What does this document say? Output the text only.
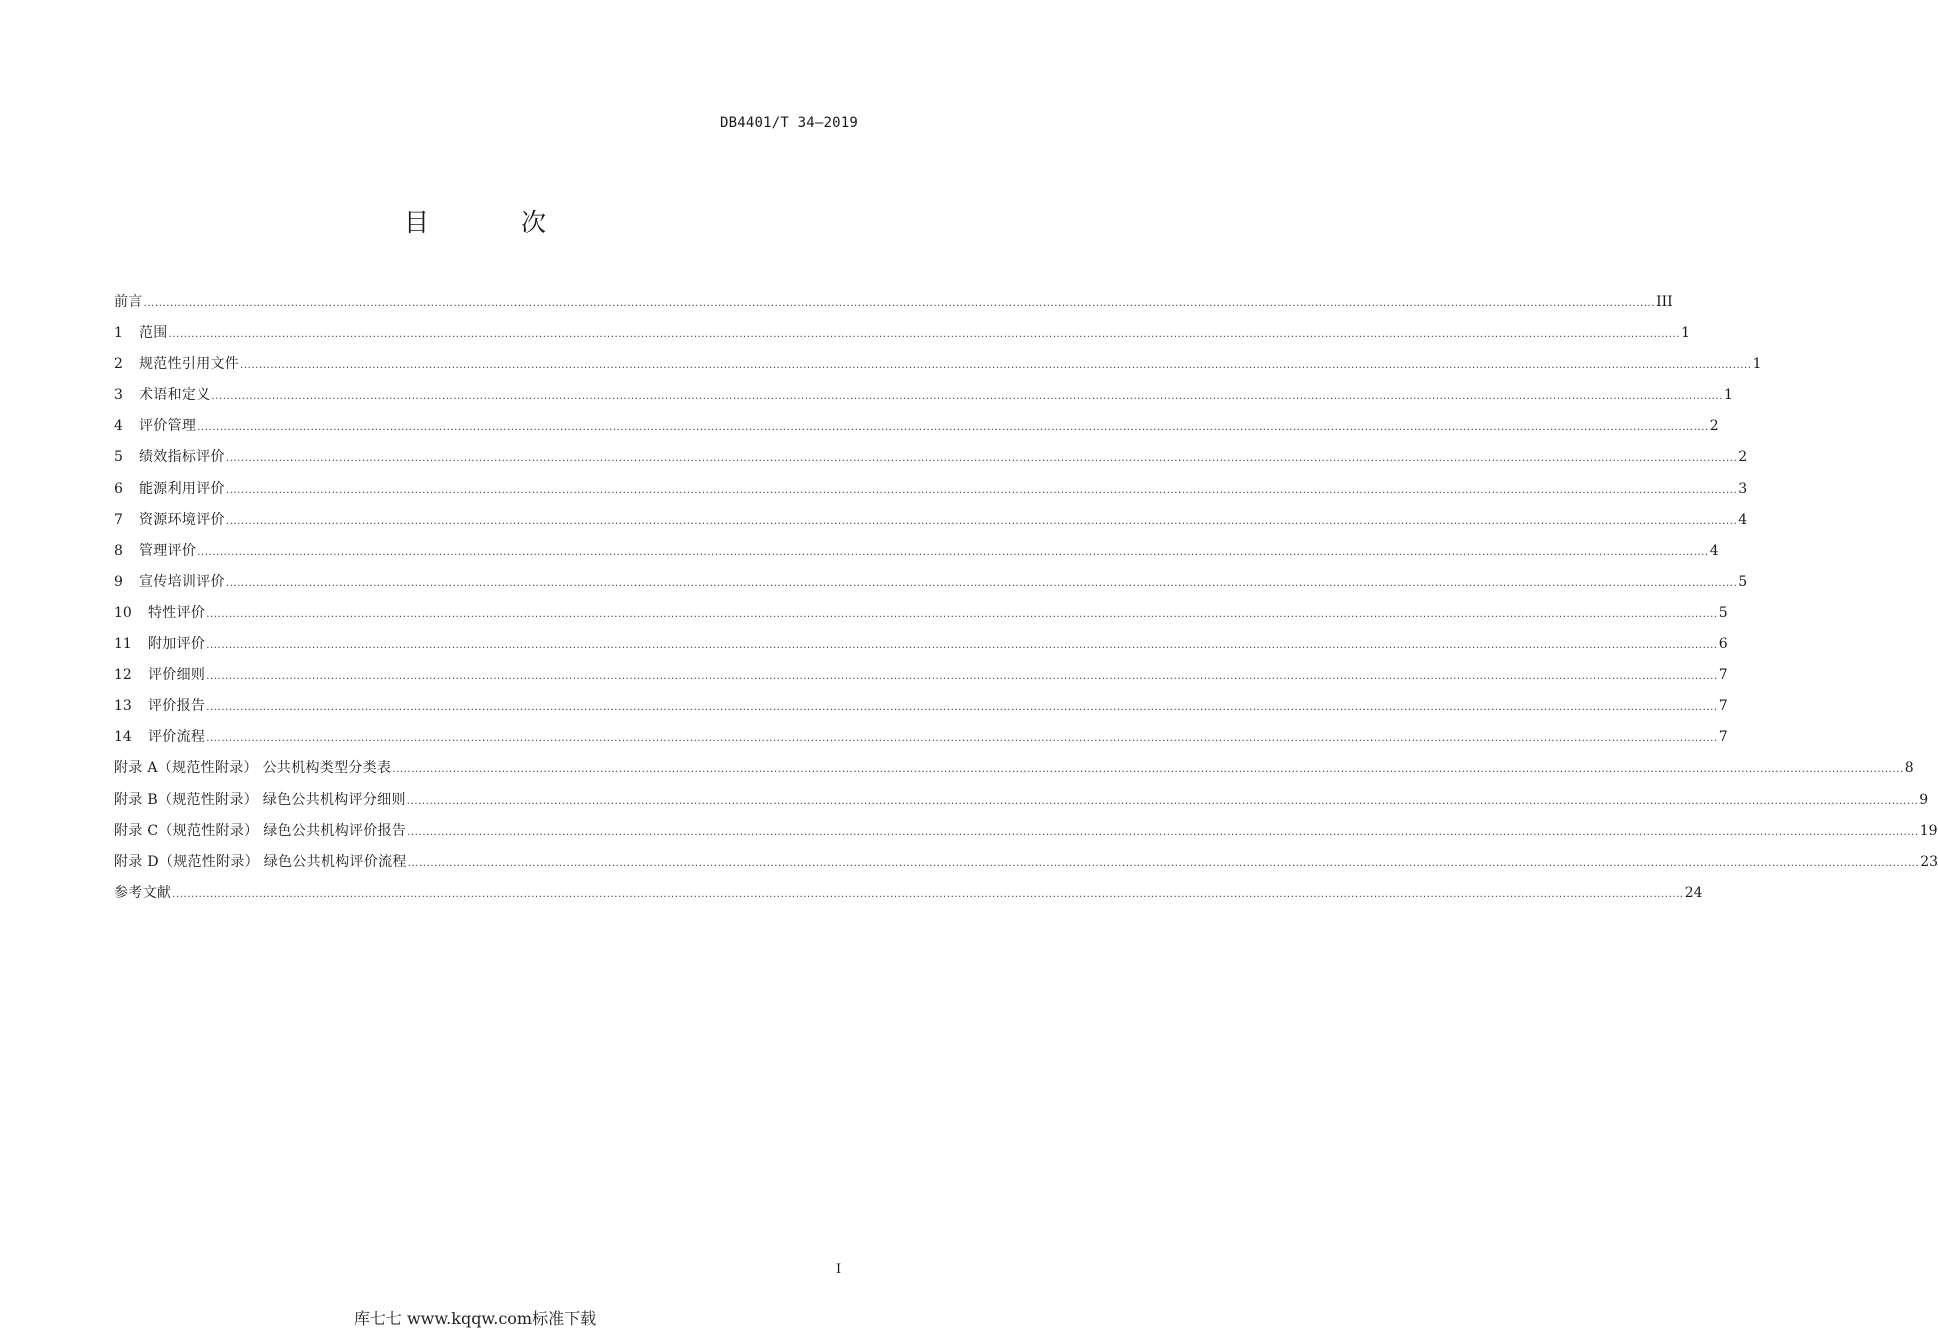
DB4401/T 34—2019
目 次
前言 ................................................................................................................................................................................................................................................................................................................................................................................................................ III
1	范围 ................................................................................................................................................................................................................................................................................................................................................................................................................ 1
2	规范性引用文件 ................................................................................................................................................................................................................................................................................................................................................................................................................ 1
3	术语和定义 ................................................................................................................................................................................................................................................................................................................................................................................................................ 1
4	评价管理 ................................................................................................................................................................................................................................................................................................................................................................................................................ 2
5	绩效指标评价 ................................................................................................................................................................................................................................................................................................................................................................................................................ 2
6	能源利用评价 ................................................................................................................................................................................................................................................................................................................................................................................................................ 3
7	资源环境评价 ................................................................................................................................................................................................................................................................................................................................................................................................................ 4
8	管理评价 ................................................................................................................................................................................................................................................................................................................................................................................................................ 4
9	宣传培训评价 ................................................................................................................................................................................................................................................................................................................................................................................................................ 5
10	特性评价 ................................................................................................................................................................................................................................................................................................................................................................................................................ 5
11	附加评价 ................................................................................................................................................................................................................................................................................................................................................................................................................ 6
12	评价细则 ................................................................................................................................................................................................................................................................................................................................................................................................................ 7
13	评价报告 ................................................................................................................................................................................................................................................................................................................................................................................................................ 7
14	评价流程 ................................................................................................................................................................................................................................................................................................................................................................................................................ 7
附录 A（规范性附录） 公共机构类型分类表 ................................................................................................................................................................................................................................................................................................................................................................................................................ 8
附录 B（规范性附录） 绿色公共机构评分细则 ................................................................................................................................................................................................................................................................................................................................................................................................................ 9
附录 C（规范性附录） 绿色公共机构评价报告 ................................................................................................................................................................................................................................................................................................................................................................................................................ 19
附录 D（规范性附录） 绿色公共机构评价流程 ................................................................................................................................................................................................................................................................................................................................................................................................................ 23
参考文献 ................................................................................................................................................................................................................................................................................................................................................................................................................ 24
I
库七七 www.kqqw.com标准下载
